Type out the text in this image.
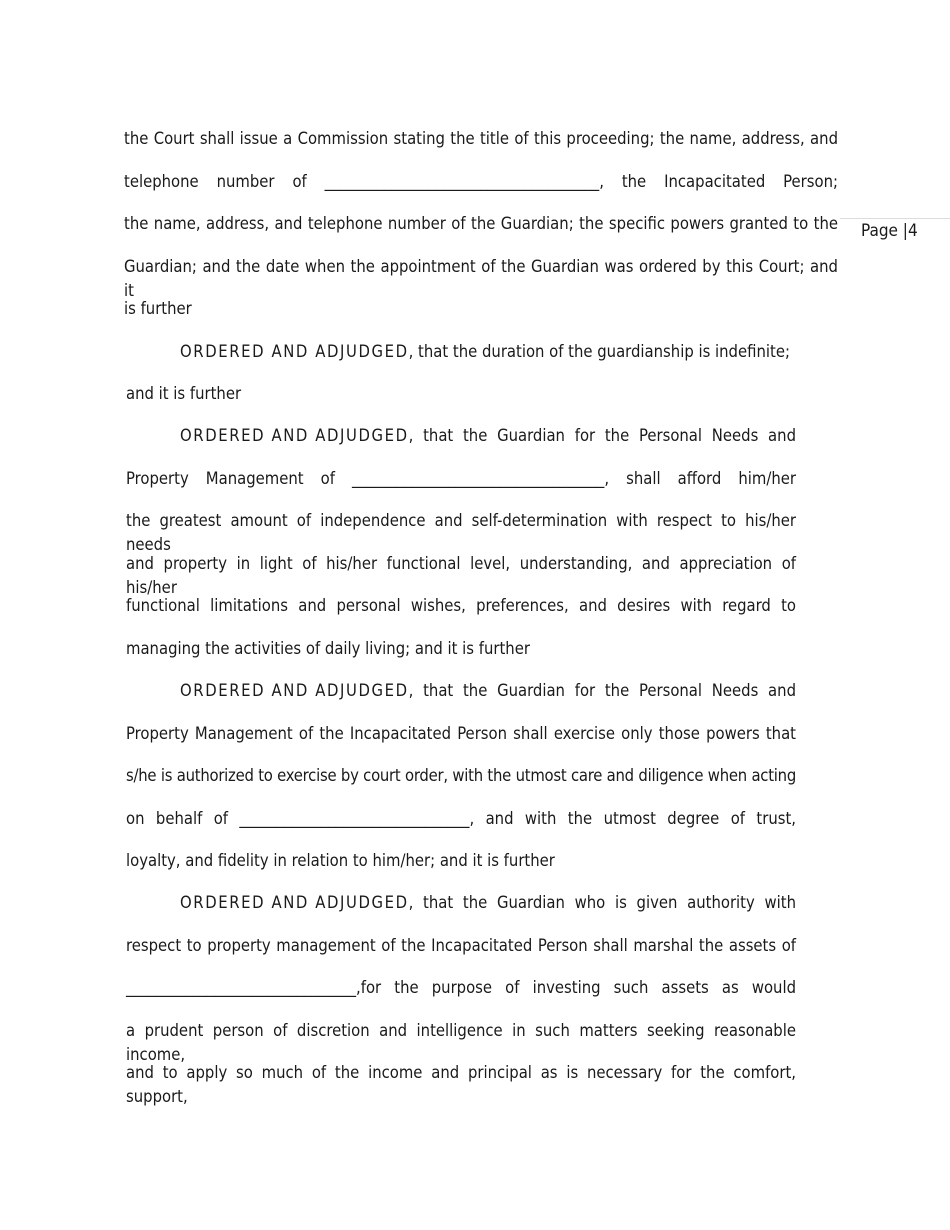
Page |4
the Court shall issue a Commission stating the title of this proceeding; the name, address, and
telephone number of _____________________________________, the Incapacitated Person;
the name, address, and telephone number of the Guardian; the specific powers granted to the
Guardian; and the date when the appointment of the Guardian was ordered by this Court; and it
is further
ORDERED AND ADJUDGED, that the duration of the guardianship is indefinite;
and it is further
ORDERED AND ADJUDGED , that the Guardian for the Personal Needs and
Property Management of __________________________________, shall afford him/her
the greatest amount of independence and self-determination with respect to his/her needs
and property in light of his/her functional level, understanding, and appreciation of his/her
functional limitations and personal wishes, preferences, and desires with regard to
managing the activities of daily living; and it is further
ORDERED AND ADJUDGED , that the Guardian for the Personal Needs and
Property Management of the Incapacitated Person shall exercise only those powers that
s/he is authorized to exercise by court order, with the utmost care and diligence when acting
on behalf of _______________________________, and with the utmost degree of trust,
loyalty, and fidelity in relation to him/her; and it is further
ORDERED AND ADJUDGED , that the Guardian who is given authority with
respect to property management of the Incapacitated Person shall marshal the assets of
_______________________________,for the purpose of investing such assets as would
a prudent person of discretion and intelligence in such matters seeking reasonable income,
and to apply so much of the income and principal as is necessary for the comfort, support,
